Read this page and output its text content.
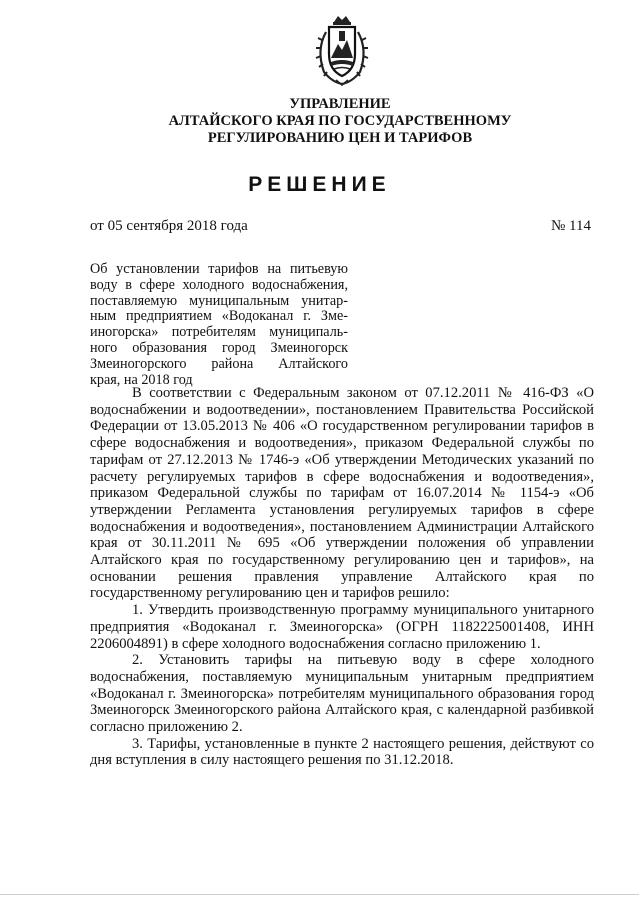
УПРАВЛЕНИЕ
АЛТАЙСКОГО КРАЯ ПО ГОСУДАРСТВЕННОМУ
РЕГУЛИРОВАНИЮ ЦЕН И ТАРИФОВ
РЕШЕНИЕ
от 05 сентября 2018 года	№ 114
Об установлении тарифов на питьевую
воду в сфере холодного водоснабжения,
поставляемую муниципальным унитар-
ным предприятием «Водоканал г. Зме-
иногорска» потребителям муниципаль-
ного образования город Змеиногорск
Змеиногорского района Алтайского
края, на 2018 год

В соответствии с Федеральным законом от 07.12.2011 № 416-ФЗ «О водоснабжении и водоотведении», постановлением Правительства Российской Федерации от 13.05.2013 № 406 «О государственном регулировании тарифов в сфере водоснабжения и водоотведения», приказом Федеральной службы по тарифам от 27.12.2013 № 1746-э «Об утверждении Методических указаний по расчету регулируемых тарифов в сфере водоснабжения и водоотведения», приказом Федеральной службы по тарифам от 16.07.2014 № 1154-э «Об утверждении Регламента установления регулируемых тарифов в сфере водоснабжения и водоотведения», постановлением Администрации Алтайского края от 30.11.2011 № 695 «Об утверждении положения об управлении Алтайского края по государственному регулированию цен и тарифов», на основании решения правления управление Алтайского края по государственному регулированию цен и тарифов решило:

1. Утвердить производственную программу муниципального унитарного предприятия «Водоканал г. Змеиногорска» (ОГРН 1182225001408, ИНН 2206004891) в сфере холодного водоснабжения согласно приложению 1.

2. Установить тарифы на питьевую воду в сфере холодного водоснабжения, поставляемую муниципальным унитарным предприятием «Водоканал г. Змеиногорска» потребителям муниципального образования город Змеиногорск Змеиногорского района Алтайского края, с календарной разбивкой согласно приложению 2.

3. Тарифы, установленные в пункте 2 настоящего решения, действуют со дня вступления в силу настоящего решения по 31.12.2018.
